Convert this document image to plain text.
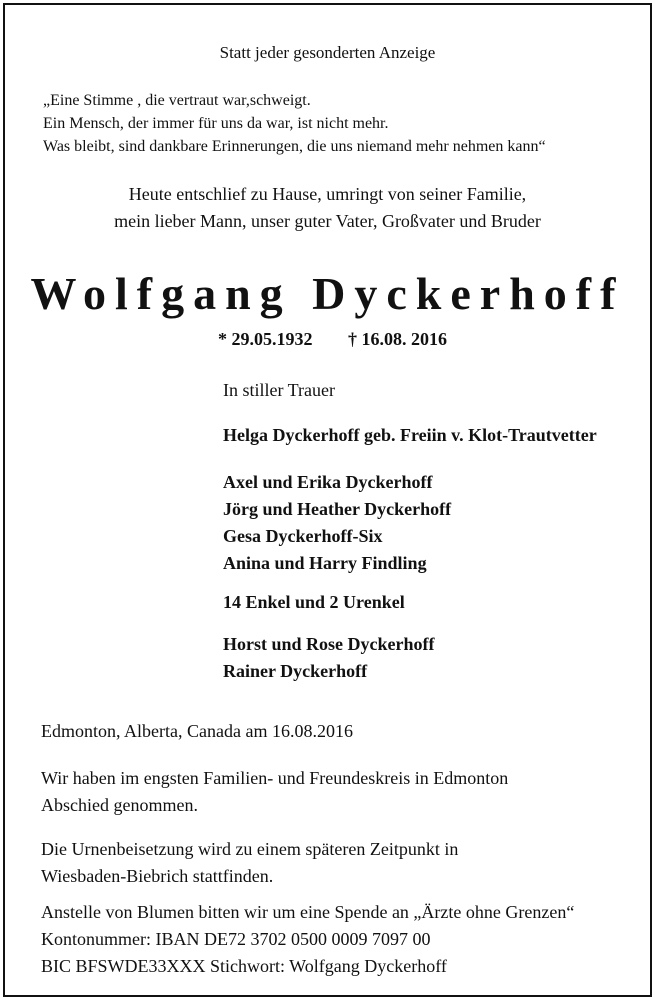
Statt jeder gesonderten Anzeige

„Eine Stimme , die vertraut war,schweigt.

Ein Mensch, der immer für uns da war, ist nicht mehr.

Was bleibt, sind dankbare Erinnerungen, die uns niemand mehr nehmen kann“

Heute entschlief zu Hause, umringt von seiner Familie,

mein lieber Mann, unser guter Vater, Großvater und Bruder

Wolfgang Dyckerhoff

* 29.05.1932 † 16.08. 2016

In stiller Trauer

Helga Dyckerhoff geb. Freiin v. Klot-Trautvetter

Axel und Erika Dyckerhoff

Jörg und Heather Dyckerhoff

Gesa Dyckerhoff-Six

Anina und Harry Findling

14 Enkel und 2 Urenkel

Horst und Rose Dyckerhoff

Rainer Dyckerhoff

Edmonton, Alberta, Canada am 16.08.2016

Wir haben im engsten Familien- und Freundeskreis in Edmonton

Abschied genommen.

Die Urnenbeisetzung wird zu einem späteren Zeitpunkt in

Wiesbaden-Biebrich stattfinden.

Anstelle von Blumen bitten wir um eine Spende an „Ärzte ohne Grenzen“

Kontonummer: IBAN DE72 3702 0500 0009 7097 00

BIC BFSWDE33XXX Stichwort: Wolfgang Dyckerhoff
